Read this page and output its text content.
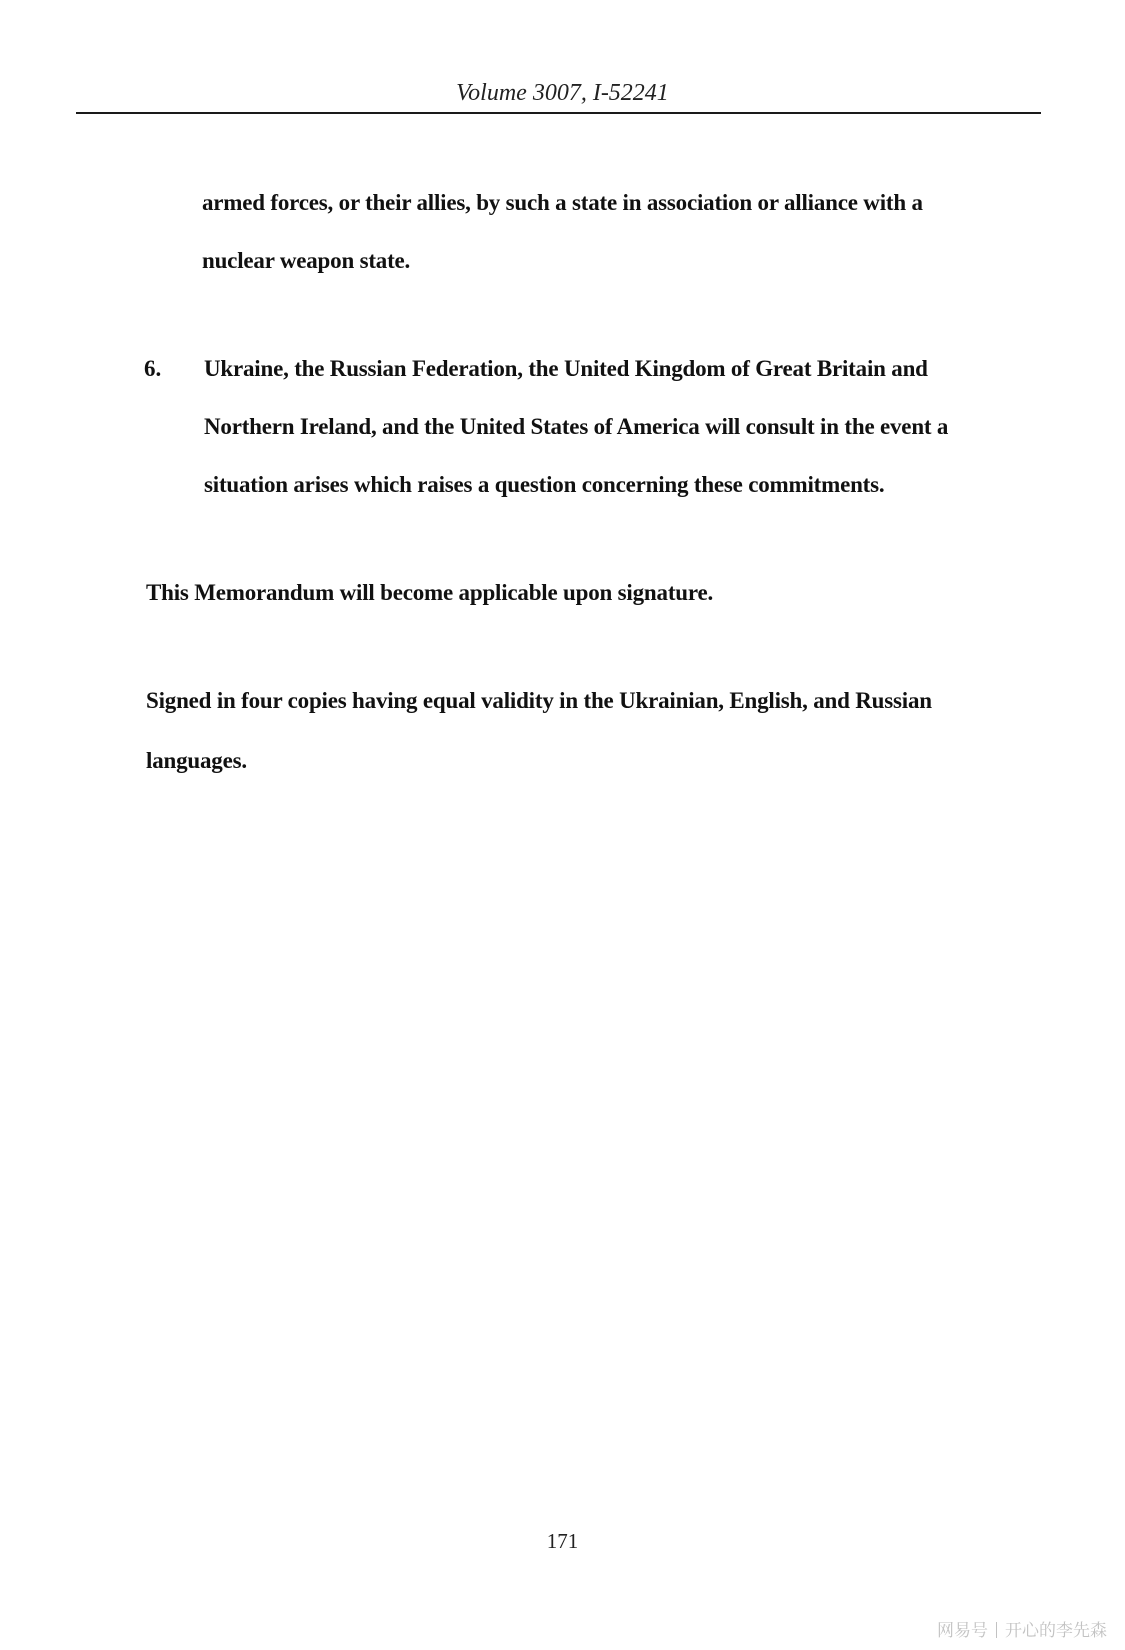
Volume 3007, I-52241
armed forces, or their allies, by such a state in association or alliance with a
nuclear weapon state.
6. Ukraine, the Russian Federation, the United Kingdom of Great Britain and
Northern Ireland, and the United States of America will consult in the event a
situation arises which raises a question concerning these commitments.
This Memorandum will become applicable upon signature.
Signed in four copies having equal validity in the Ukrainian, English, and Russian
languages.
171
网易号 开心的李先森
